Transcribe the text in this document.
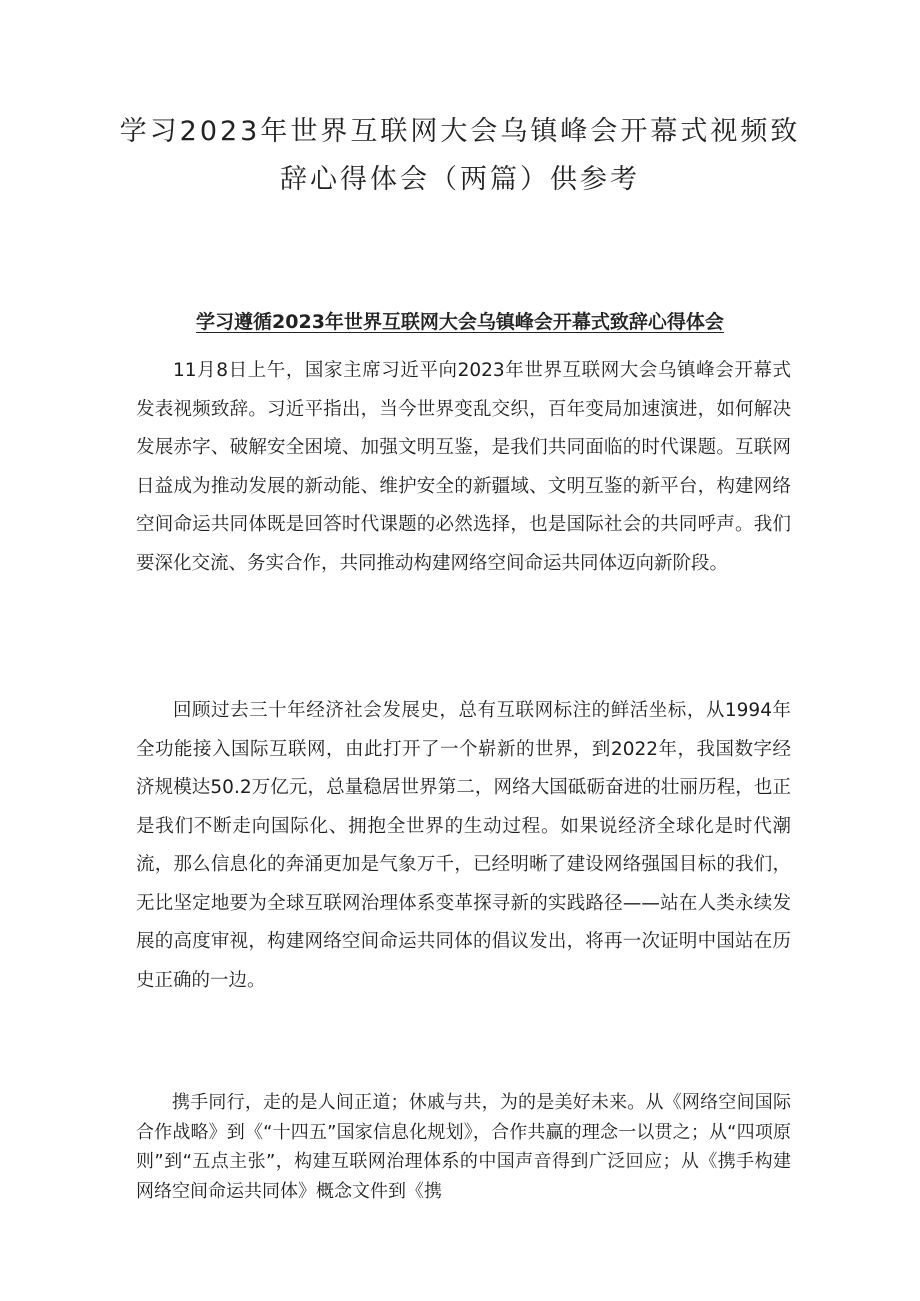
学习2023年世界互联网大会乌镇峰会开幕式视频致
辞心得体会（两篇）供参考
学习遵循2023年世界互联网大会乌镇峰会开幕式致辞心得体会

11月8日上午，国家主席习近平向2023年世界互联网大会乌镇峰会开幕式发表视频致辞。习近平指出，当今世界变乱交织，百年变局加速演进，如何解决发展赤字、破解安全困境、加强文明互鉴，是我们共同面临的时代课题。互联网日益成为推动发展的新动能、维护安全的新疆域、文明互鉴的新平台，构建网络空间命运共同体既是回答时代课题的必然选择，也是国际社会的共同呼声。我们要深化交流、务实合作，共同推动构建网络空间命运共同体迈向新阶段。

回顾过去三十年经济社会发展史，总有互联网标注的鲜活坐标，从1994年全功能接入国际互联网，由此打开了一个崭新的世界，到2022年，我国数字经济规模达50.2万亿元，总量稳居世界第二，网络大国砥砺奋进的壮丽历程，也正是我们不断走向国际化、拥抱全世界的生动过程。如果说经济全球化是时代潮流，那么信息化的奔涌更加是气象万千，已经明晰了建设网络强国目标的我们，无比坚定地要为全球互联网治理体系变革探寻新的实践路径——站在人类永续发展的高度审视，构建网络空间命运共同体的倡议发出，将再一次证明中国站在历史正确的一边。

携手同行，走的是人间正道；休戚与共，为的是美好未来。从《网络空间国际合作战略》到《“十四五”国家信息化规划》，合作共赢的理念一以贯之；从“四项原则”到“五点主张”，构建互联网治理体系的中国声音得到广泛回应；从《携手构建网络空间命运共同体》概念文件到《携
